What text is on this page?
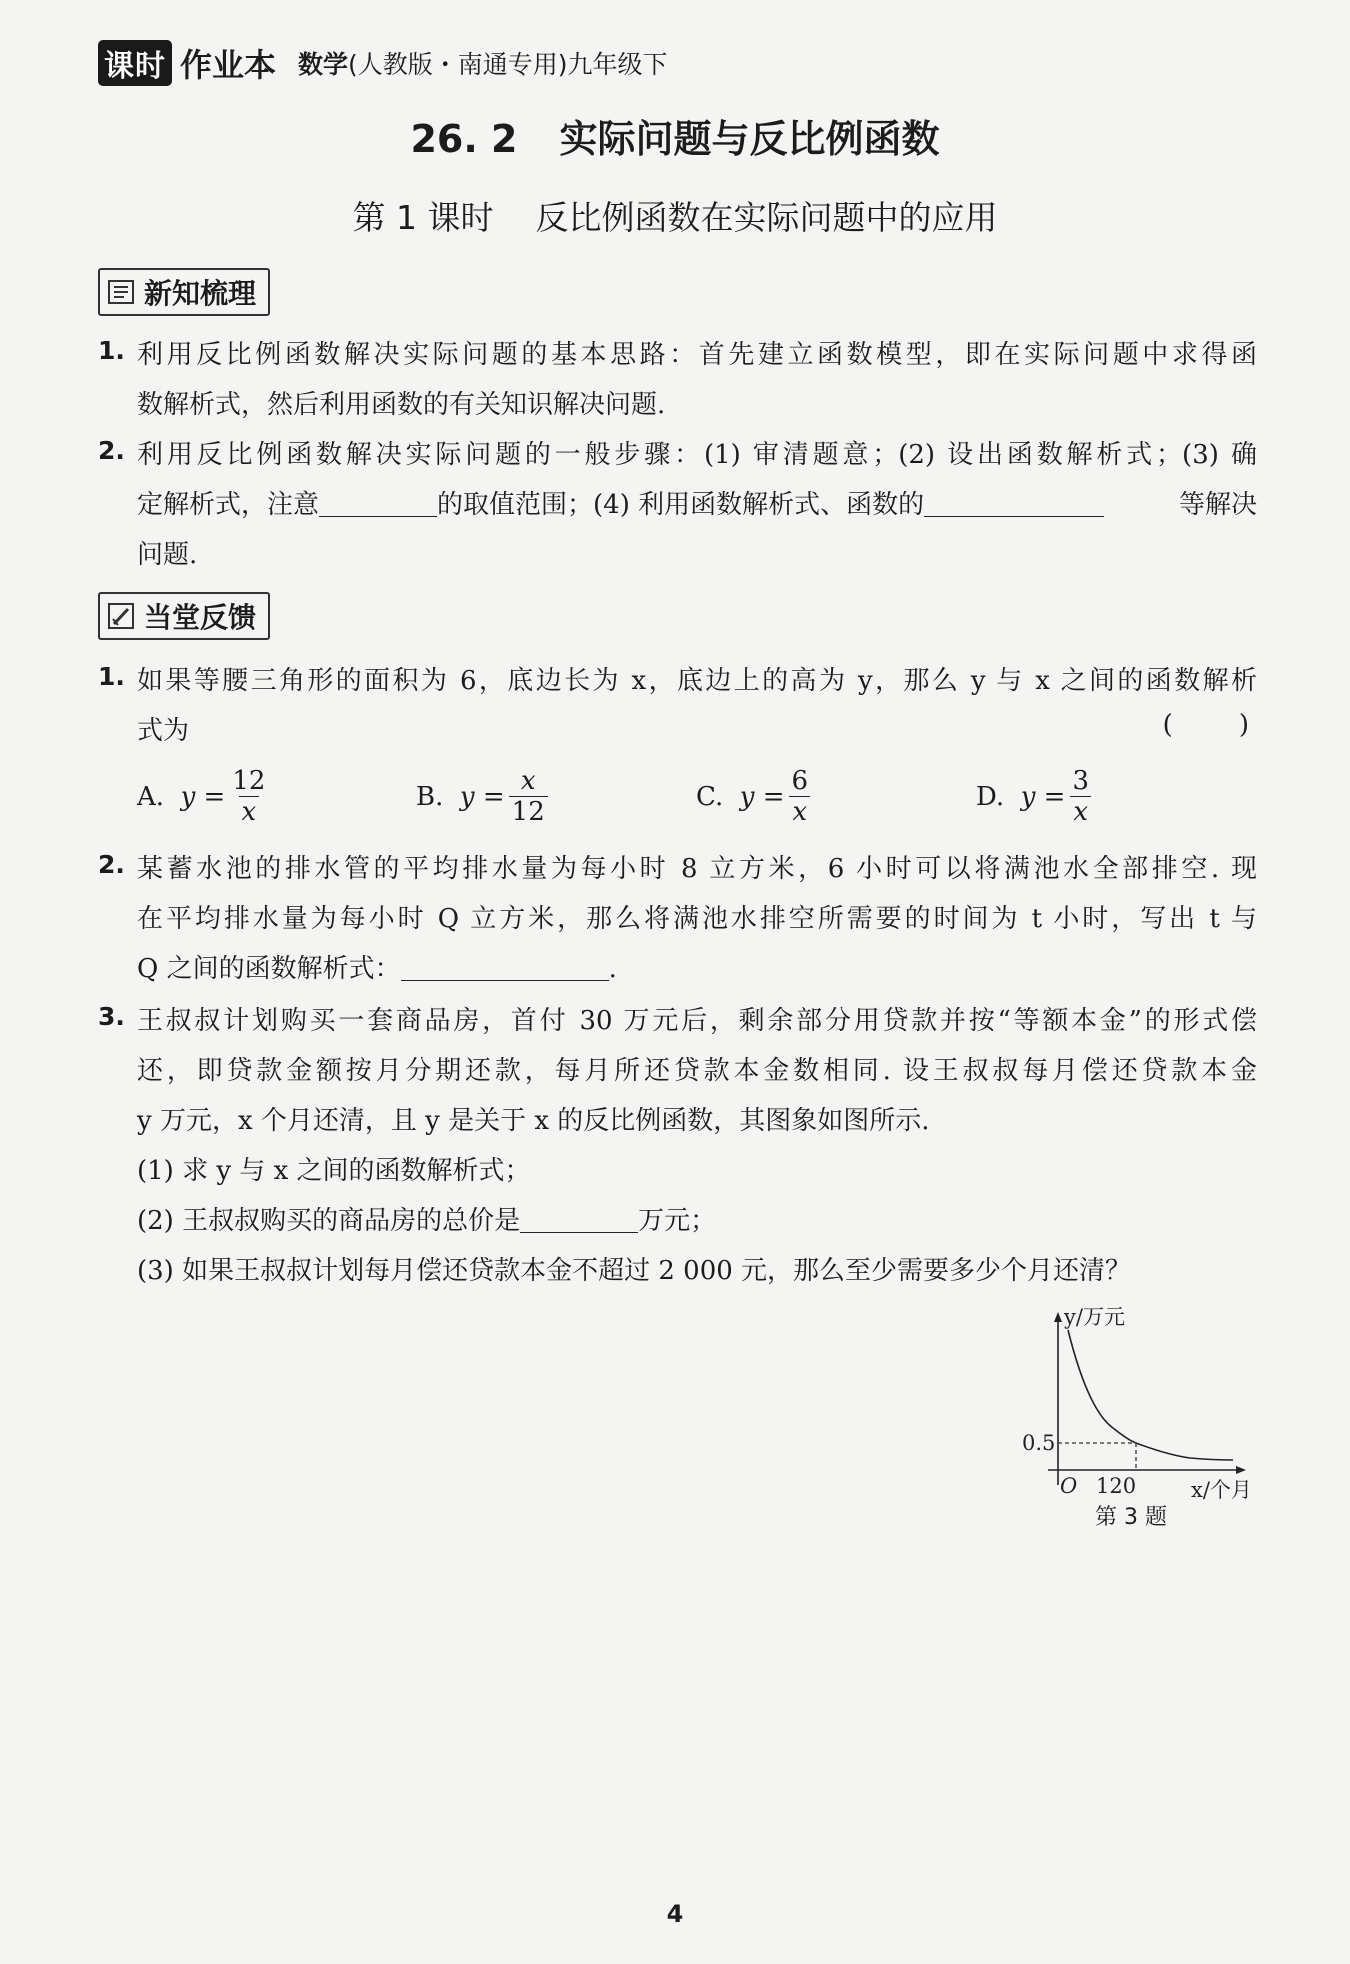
课时 作业本 数学(人教版・南通专用)九年级下
26. 2 实际问题与反比例函数
第 1 课时 反比例函数在实际问题中的应用
新知梳理
1. 利用反比例函数解决实际问题的基本思路：首先建立函数模型，即在实际问题中求得函
数解析式，然后利用函数的有关知识解决问题.
2. 利用反比例函数解决实际问题的一般步骤：(1) 审清题意；(2) 设出函数解析式；(3) 确
定解析式，注意	的取值范围；(4) 利用函数解析式、函数的	等解决
问题.
当堂反馈
1. 如果等腰三角形的面积为 6，底边长为 x，底边上的高为 y，那么 y 与 x 之间的函数解析
式为	(        )
A.
$y = \frac{12}{x}$	B.
$y = \frac{x}{12}$	C.
$y = \frac{6}{x}$	D.
$y = \frac{3}{x}$
2. 某蓄水池的排水管的平均排水量为每小时 8 立方米，6 小时可以将满池水全部排空. 现
在平均排水量为每小时 Q 立方米，那么将满池水排空所需要的时间为 t 小时，写出 t 与
Q 之间的函数解析式：	.
3. 王叔叔计划购买一套商品房，首付 30 万元后，剩余部分用贷款并按“等额本金”的形式偿
还，即贷款金额按月分期还款，每月所还贷款本金数相同. 设王叔叔每月偿还贷款本金
y 万元，x 个月还清，且 y 是关于 x 的反比例函数，其图象如图所示.
(1) 求 y 与 x 之间的函数解析式；
(2) 王叔叔购买的商品房的总价是	万元；
(3) 如果王叔叔计划每月偿还贷款本金不超过 2 000 元，那么至少需要多少个月还清？
y/万元
0.5
O 120	x/个月
第 3 题
4
